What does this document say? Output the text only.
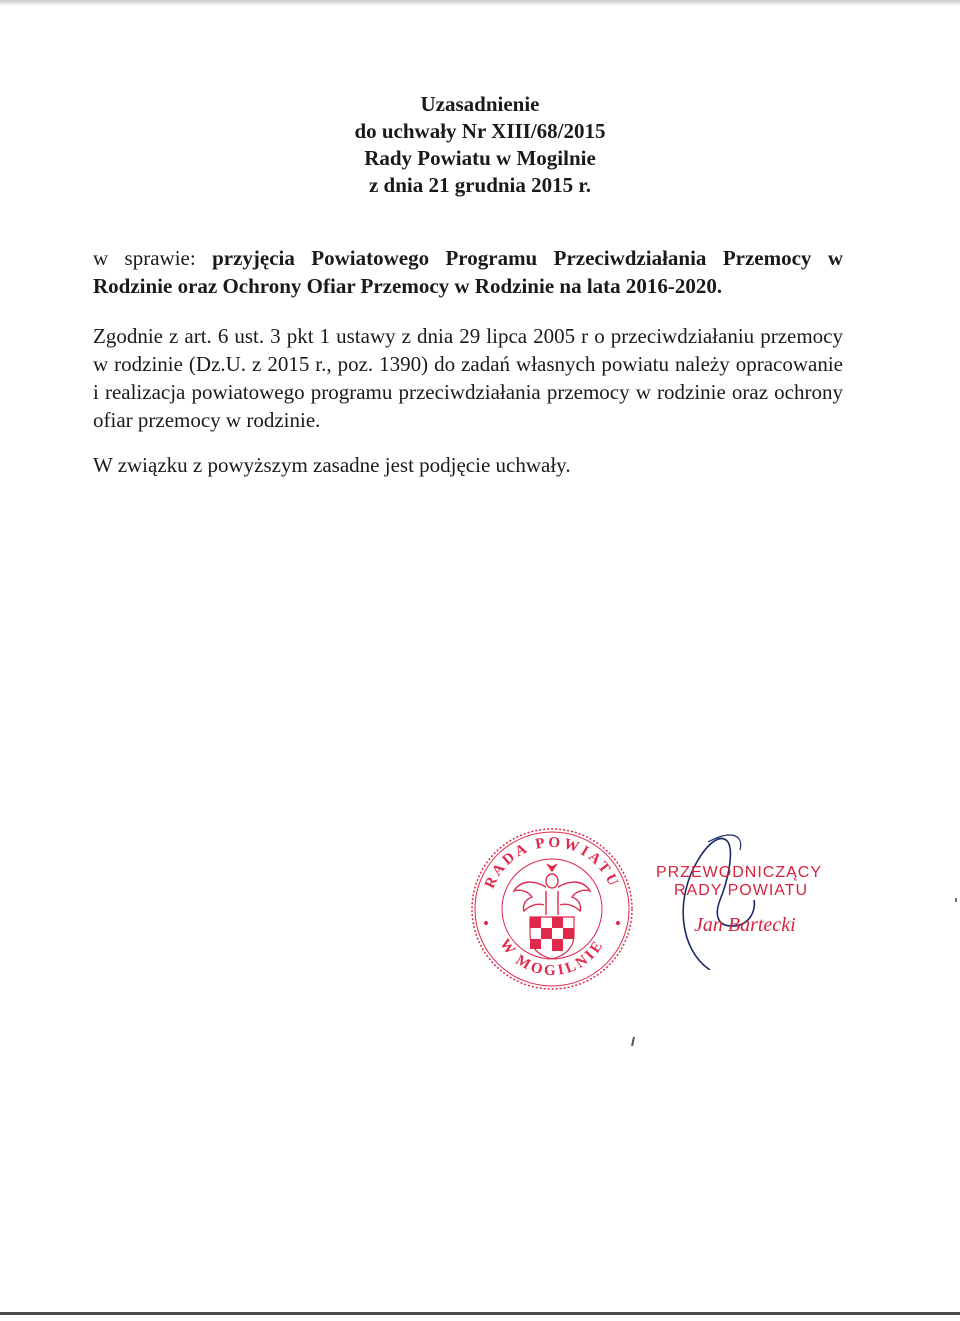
Uzasadnienie
do uchwały Nr XIII/68/2015
Rady Powiatu w Mogilnie
z dnia 21 grudnia 2015 r.
w sprawie: przyjęcia Powiatowego Programu Przeciwdziałania Przemocy w Rodzinie oraz Ochrony Ofiar Przemocy w Rodzinie na lata 2016-2020.
Zgodnie z art. 6 ust. 3 pkt 1 ustawy z dnia 29 lipca 2005 r o przeciwdziałaniu przemocy w rodzinie (Dz.U. z 2015 r., poz. 1390) do zadań własnych powiatu należy opracowanie i realizacja powiatowego programu przeciwdziałania przemocy w rodzinie oraz ochrony ofiar przemocy w rodzinie.
W związku z powyższym zasadne jest podjęcie uchwały.
RADA POWIATU
W MOGILNIE
PRZEWODNICZĄCY
RADY POWIATU
Jan Bartecki
